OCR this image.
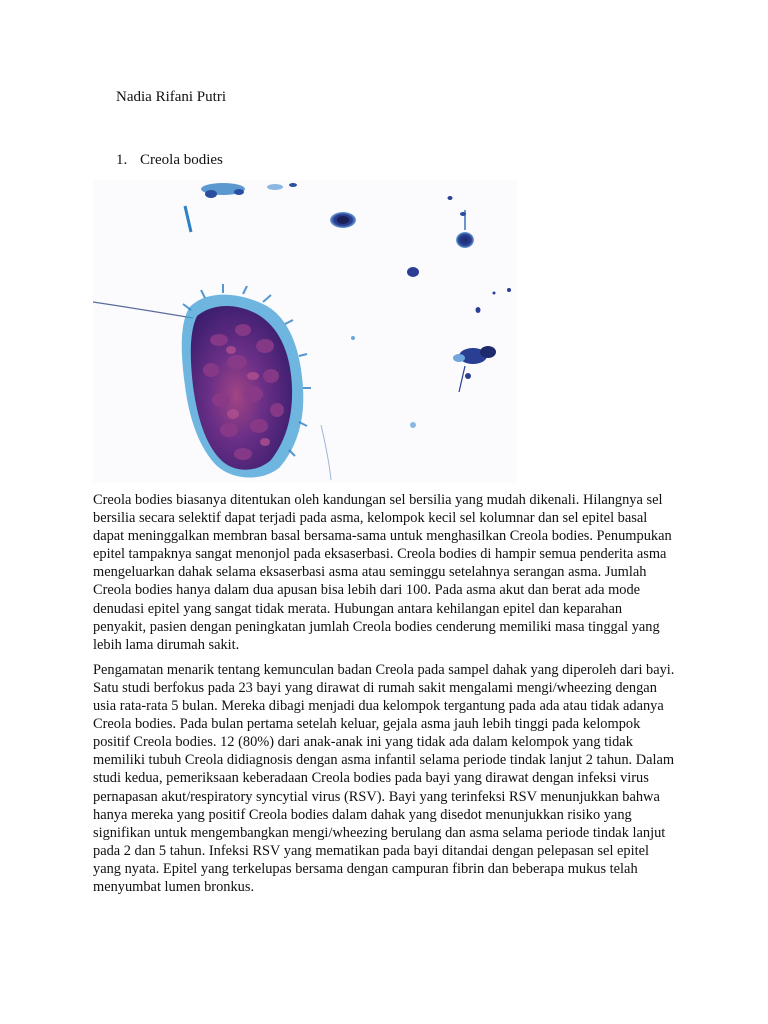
Nadia Rifani Putri

1. Creola bodies

Creola bodies biasanya ditentukan oleh kandungan sel bersilia yang mudah dikenali. Hilangnya sel bersilia secara selektif dapat terjadi pada asma, kelompok kecil sel kolumnar dan sel epitel basal dapat meninggalkan membran basal bersama-sama untuk menghasilkan Creola bodies. Penumpukan epitel tampaknya sangat menonjol pada eksaserbasi. Creola bodies di hampir semua penderita asma mengeluarkan dahak selama eksaserbasi asma atau seminggu setelahnya serangan asma. Jumlah Creola bodies hanya dalam dua apusan bisa lebih dari 100. Pada asma akut dan berat ada mode denudasi epitel yang sangat tidak merata. Hubungan antara kehilangan epitel dan keparahan penyakit, pasien dengan peningkatan jumlah Creola bodies cenderung memiliki masa tinggal yang lebih lama dirumah sakit.

Pengamatan menarik tentang kemunculan badan Creola pada sampel dahak yang diperoleh dari bayi. Satu studi berfokus pada 23 bayi yang dirawat di rumah sakit mengalami mengi/wheezing dengan usia rata-rata 5 bulan. Mereka dibagi menjadi dua kelompok tergantung pada ada atau tidak adanya Creola bodies. Pada bulan pertama setelah keluar, gejala asma jauh lebih tinggi pada kelompok positif Creola bodies. 12 (80%) dari anak-anak ini yang tidak ada dalam kelompok yang tidak memiliki tubuh Creola didiagnosis dengan asma infantil selama periode tindak lanjut 2 tahun. Dalam studi kedua, pemeriksaan keberadaan Creola bodies pada bayi yang dirawat dengan infeksi virus pernapasan akut/respiratory syncytial virus (RSV). Bayi yang terinfeksi RSV menunjukkan bahwa hanya mereka yang positif Creola bodies dalam dahak yang disedot menunjukkan risiko yang signifikan untuk mengembangkan mengi/wheezing berulang dan asma selama periode tindak lanjut pada 2 dan 5 tahun. Infeksi RSV yang mematikan pada bayi ditandai dengan pelepasan sel epitel yang nyata. Epitel yang terkelupas bersama dengan campuran fibrin dan beberapa mukus telah menyumbat lumen bronkus.
